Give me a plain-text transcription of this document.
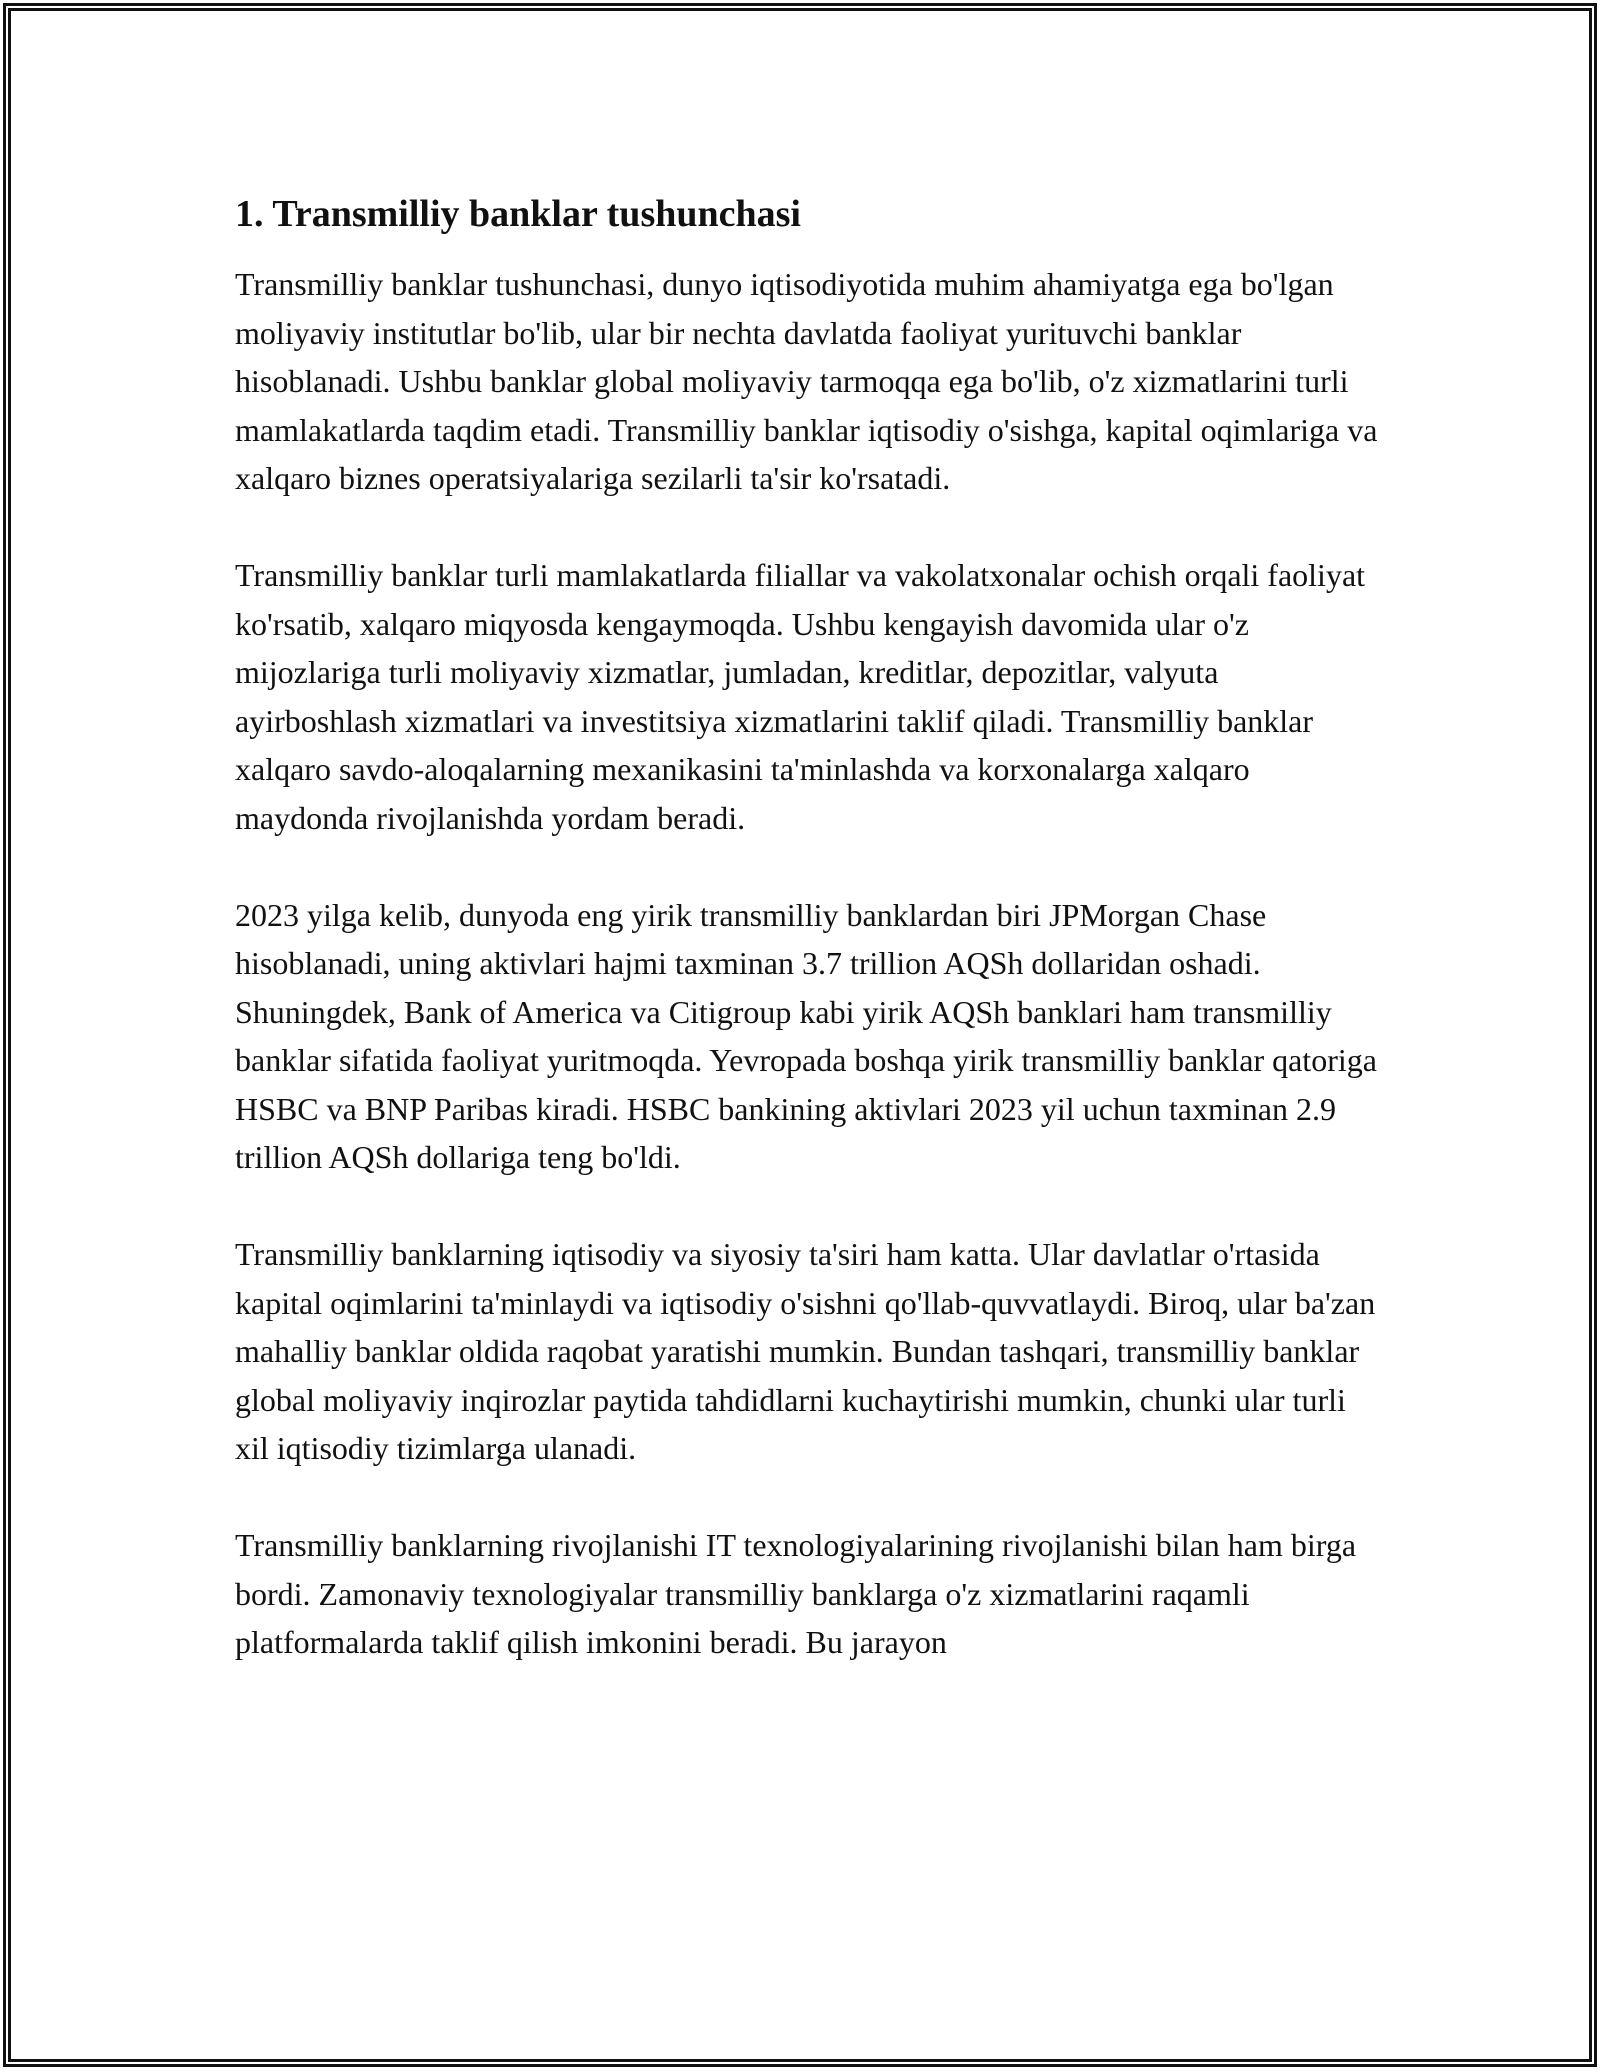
1. Transmilliy banklar tushunchasi

Transmilliy banklar tushunchasi, dunyo iqtisodiyotida muhim ahamiyatga ega bo'lgan moliyaviy institutlar bo'lib, ular bir nechta davlatda faoliyat yurituvchi banklar hisoblanadi. Ushbu banklar global moliyaviy tarmoqqa ega bo'lib, o'z xizmatlarini turli mamlakatlarda taqdim etadi. Transmilliy banklar iqtisodiy o'sishga, kapital oqimlariga va xalqaro biznes operatsiyalariga sezilarli ta'sir ko'rsatadi.

Transmilliy banklar turli mamlakatlarda filiallar va vakolatxonalar ochish orqali faoliyat ko'rsatib, xalqaro miqyosda kengaymoqda. Ushbu kengayish davomida ular o'z mijozlariga turli moliyaviy xizmatlar, jumladan, kreditlar, depozitlar, valyuta ayirboshlash xizmatlari va investitsiya xizmatlarini taklif qiladi. Transmilliy banklar xalqaro savdo-aloqalarning mexanikasini ta'minlashda va korxonalarga xalqaro maydonda rivojlanishda yordam beradi.

2023 yilga kelib, dunyoda eng yirik transmilliy banklardan biri JPMorgan Chase hisoblanadi, uning aktivlari hajmi taxminan 3.7 trillion AQSh dollaridan oshadi. Shuningdek, Bank of America va Citigroup kabi yirik AQSh banklari ham transmilliy banklar sifatida faoliyat yuritmoqda. Yevropada boshqa yirik transmilliy banklar qatoriga HSBC va BNP Paribas kiradi. HSBC bankining aktivlari 2023 yil uchun taxminan 2.9 trillion AQSh dollariga teng bo'ldi.

Transmilliy banklarning iqtisodiy va siyosiy ta'siri ham katta. Ular davlatlar o'rtasida kapital oqimlarini ta'minlaydi va iqtisodiy o'sishni qo'llab-quvvatlaydi. Biroq, ular ba'zan mahalliy banklar oldida raqobat yaratishi mumkin. Bundan tashqari, transmilliy banklar global moliyaviy inqirozlar paytida tahdidlarni kuchaytirishi mumkin, chunki ular turli xil iqtisodiy tizimlarga ulanadi.

Transmilliy banklarning rivojlanishi IT texnologiyalarining rivojlanishi bilan ham birga bordi. Zamonaviy texnologiyalar transmilliy banklarga o'z xizmatlarini raqamli platformalarda taklif qilish imkonini beradi. Bu jarayon
